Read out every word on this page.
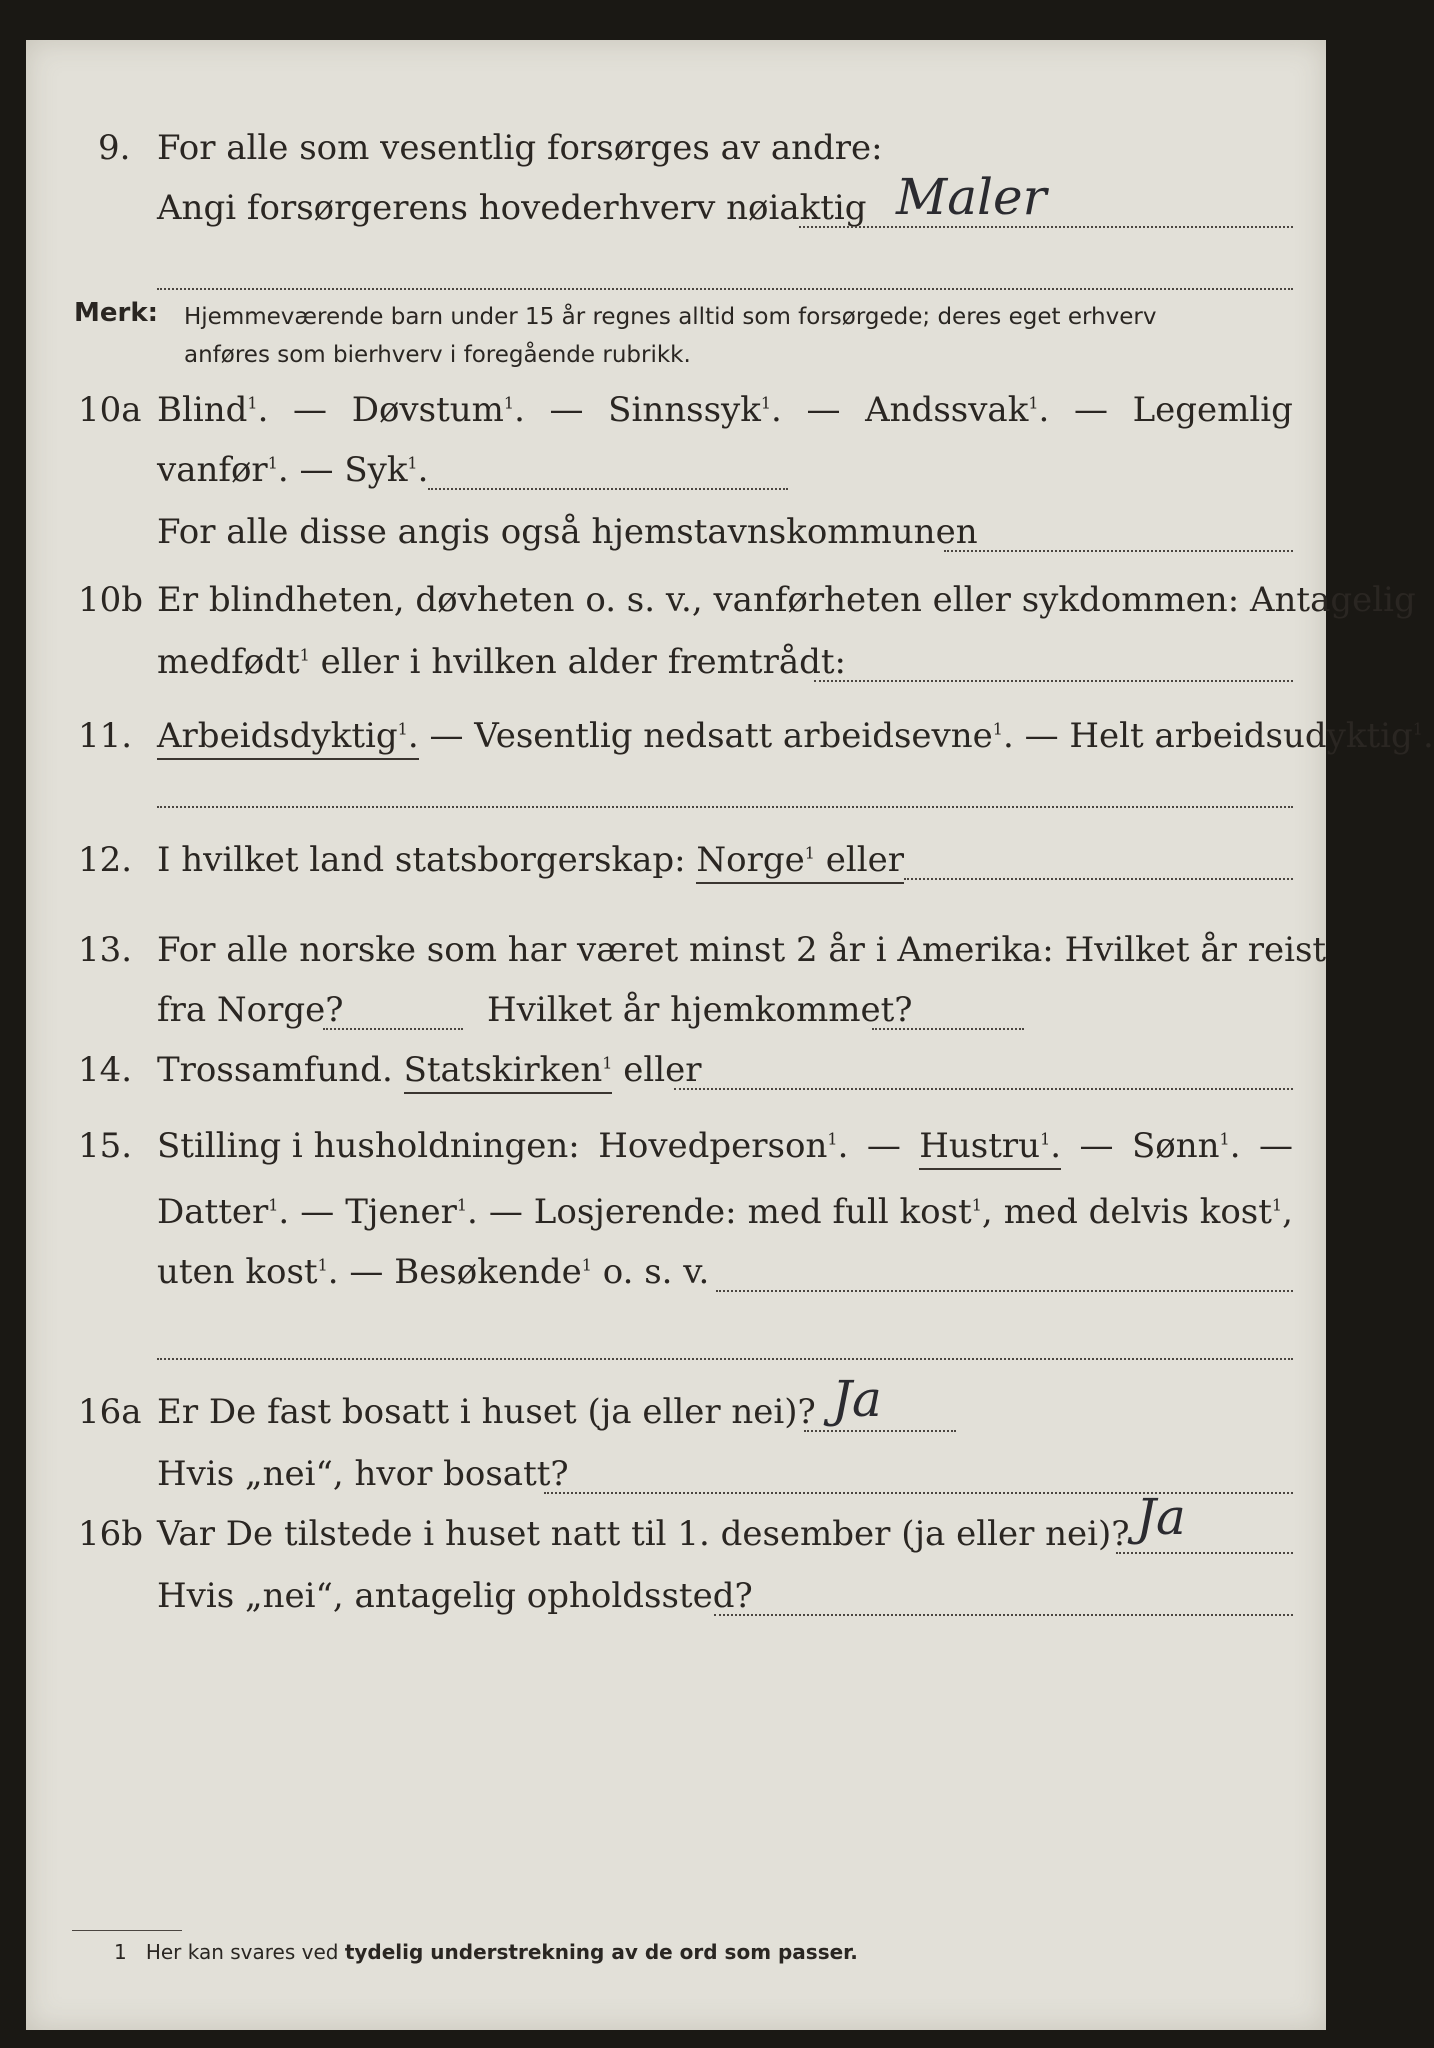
9. For alle som vesentlig forsørges av andre:
Angi forsørgerens hovederhverv nøiaktig Maler
Merk: Hjemmeværende barn under 15 år regnes alltid som forsørgede; deres eget erhverv
anføres som bierhverv i foregående rubrikk.
10a Blind$^1$. — Døvstum$^1$. — Sinnssyk$^1$. — Andssvak$^1$. — Legemlig
vanfør$^1$. — Syk$^1$.
For alle disse angis også hjemstavnskommunen
10b Er blindheten, døvheten o. s. v., vanførheten eller sykdommen: Antagelig
medfødt$^1$ eller i hvilken alder fremtrådt:
11. Arbeidsdyktig$^1$. — Vesentlig nedsatt arbeidsevne$^1$. — Helt arbeidsudyktig$^1$.
12. I hvilket land statsborgerskap: Norge$^1$ eller
13. For alle norske som har været minst 2 år i Amerika: Hvilket år reist
fra Norge?	Hvilket år hjemkommet?
14. Trossamfund. Statskirken$^1$ eller
15. Stilling i husholdningen: Hovedperson$^1$. — Hustru$^1$. — Sønn$^1$. —
Datter$^1$. — Tjener$^1$. — Losjerende: med full kost$^1$, med delvis kost$^1$,
uten kost$^1$. — Besøkende$^1$ o. s. v.
16a Er De fast bosatt i huset (ja eller nei)? Ja
Hvis „nei“, hvor bosatt?
16b Var De tilstede i huset natt til 1. desember (ja eller nei)? Ja
Hvis „nei“, antagelig opholdssted?
1 Her kan svares ved tydelig understrekning av de ord som passer.
